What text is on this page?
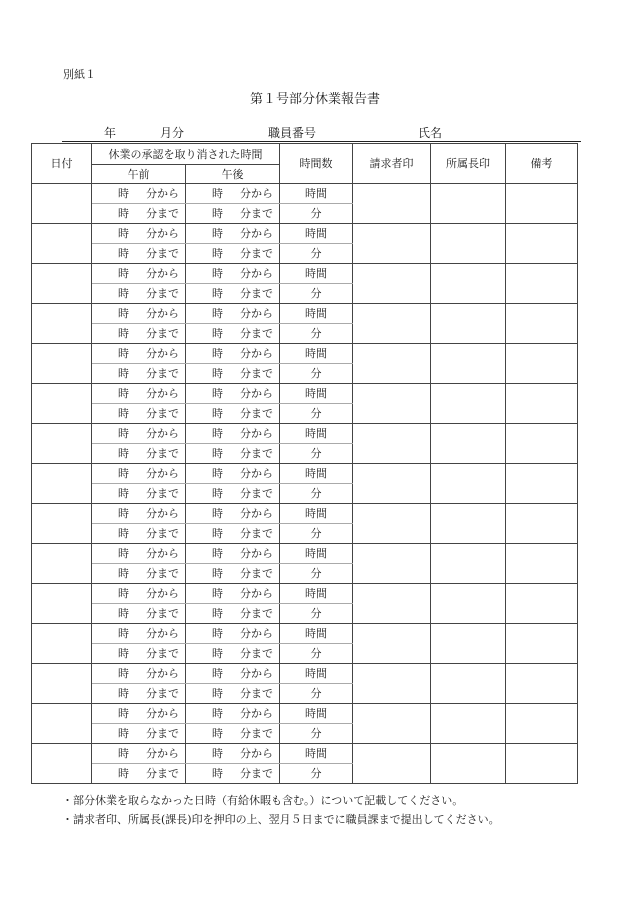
別紙１
第１号部分休業報告書
年	月分	職員番号	氏名
日付	休業の承認を取り消された時間		時間数	請求者印	所属長印	備考
	午前	午後				

	時 分から	時 分から	時間			

	時 分まで	時 分まで	分			

	時 分から	時 分から	時間			

	時 分まで	時 分まで	分			

	時 分から	時 分から	時間			

	時 分まで	時 分まで	分			

	時 分から	時 分から	時間			

	時 分まで	時 分まで	分			

	時 分から	時 分から	時間			

	時 分まで	時 分まで	分			

	時 分から	時 分から	時間			

	時 分まで	時 分まで	分			

	時 分から	時 分から	時間			

	時 分まで	時 分まで	分			

	時 分から	時 分から	時間			

	時 分まで	時 分まで	分			

	時 分から	時 分から	時間			

	時 分まで	時 分まで	分			

	時 分から	時 分から	時間			

	時 分まで	時 分まで	分			

	時 分から	時 分から	時間			

	時 分まで	時 分まで	分			

	時 分から	時 分から	時間			

	時 分まで	時 分まで	分			

	時 分から	時 分から	時間			

	時 分まで	時 分まで	分			

	時 分から	時 分から	時間			

	時 分まで	時 分まで	分			

	時 分から	時 分から	時間			

	時 分まで	時 分まで	分			
・部分休業を取らなかった日時（有給休暇も含む。）について記載してください。
・請求者印、所属長(課長)印を押印の上、翌月５日までに職員課まで提出してください。
